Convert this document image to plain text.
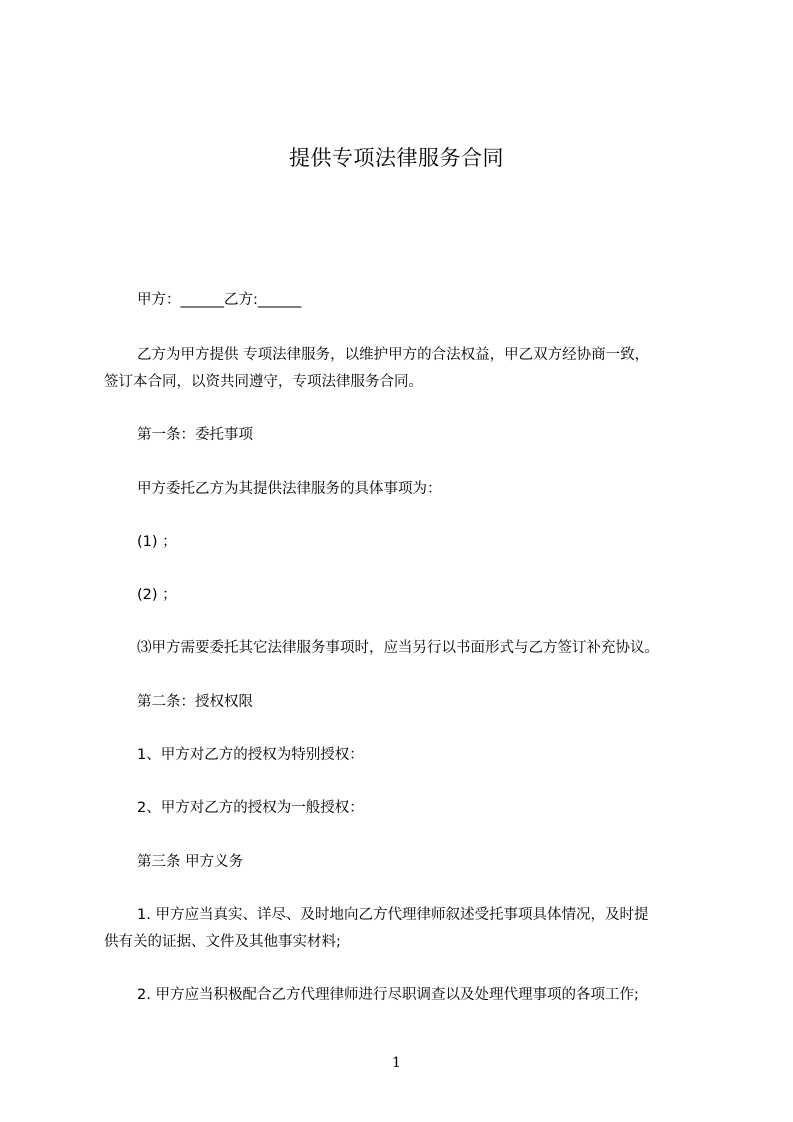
提供专项法律服务合同
甲方：______乙方:______
乙方为甲方提供 专项法律服务，以维护甲方的合法权益，甲乙双方经协商一致，
签订本合同，以资共同遵守，专项法律服务合同。
第一条：委托事项
甲方委托乙方为其提供法律服务的具体事项为：
(1) ；
(2) ；
⑶甲方需要委托其它法律服务事项时，应当另行以书面形式与乙方签订补充协议。
第二条：授权权限
1、甲方对乙方的授权为特别授权：
2、甲方对乙方的授权为一般授权：
第三条 甲方义务
1. 甲方应当真实、详尽、及时地向乙方代理律师叙述受托事项具体情况，及时提
供有关的证据、文件及其他事实材料;
2. 甲方应当积极配合乙方代理律师进行尽职调查以及处理代理事项的各项工作;
1
